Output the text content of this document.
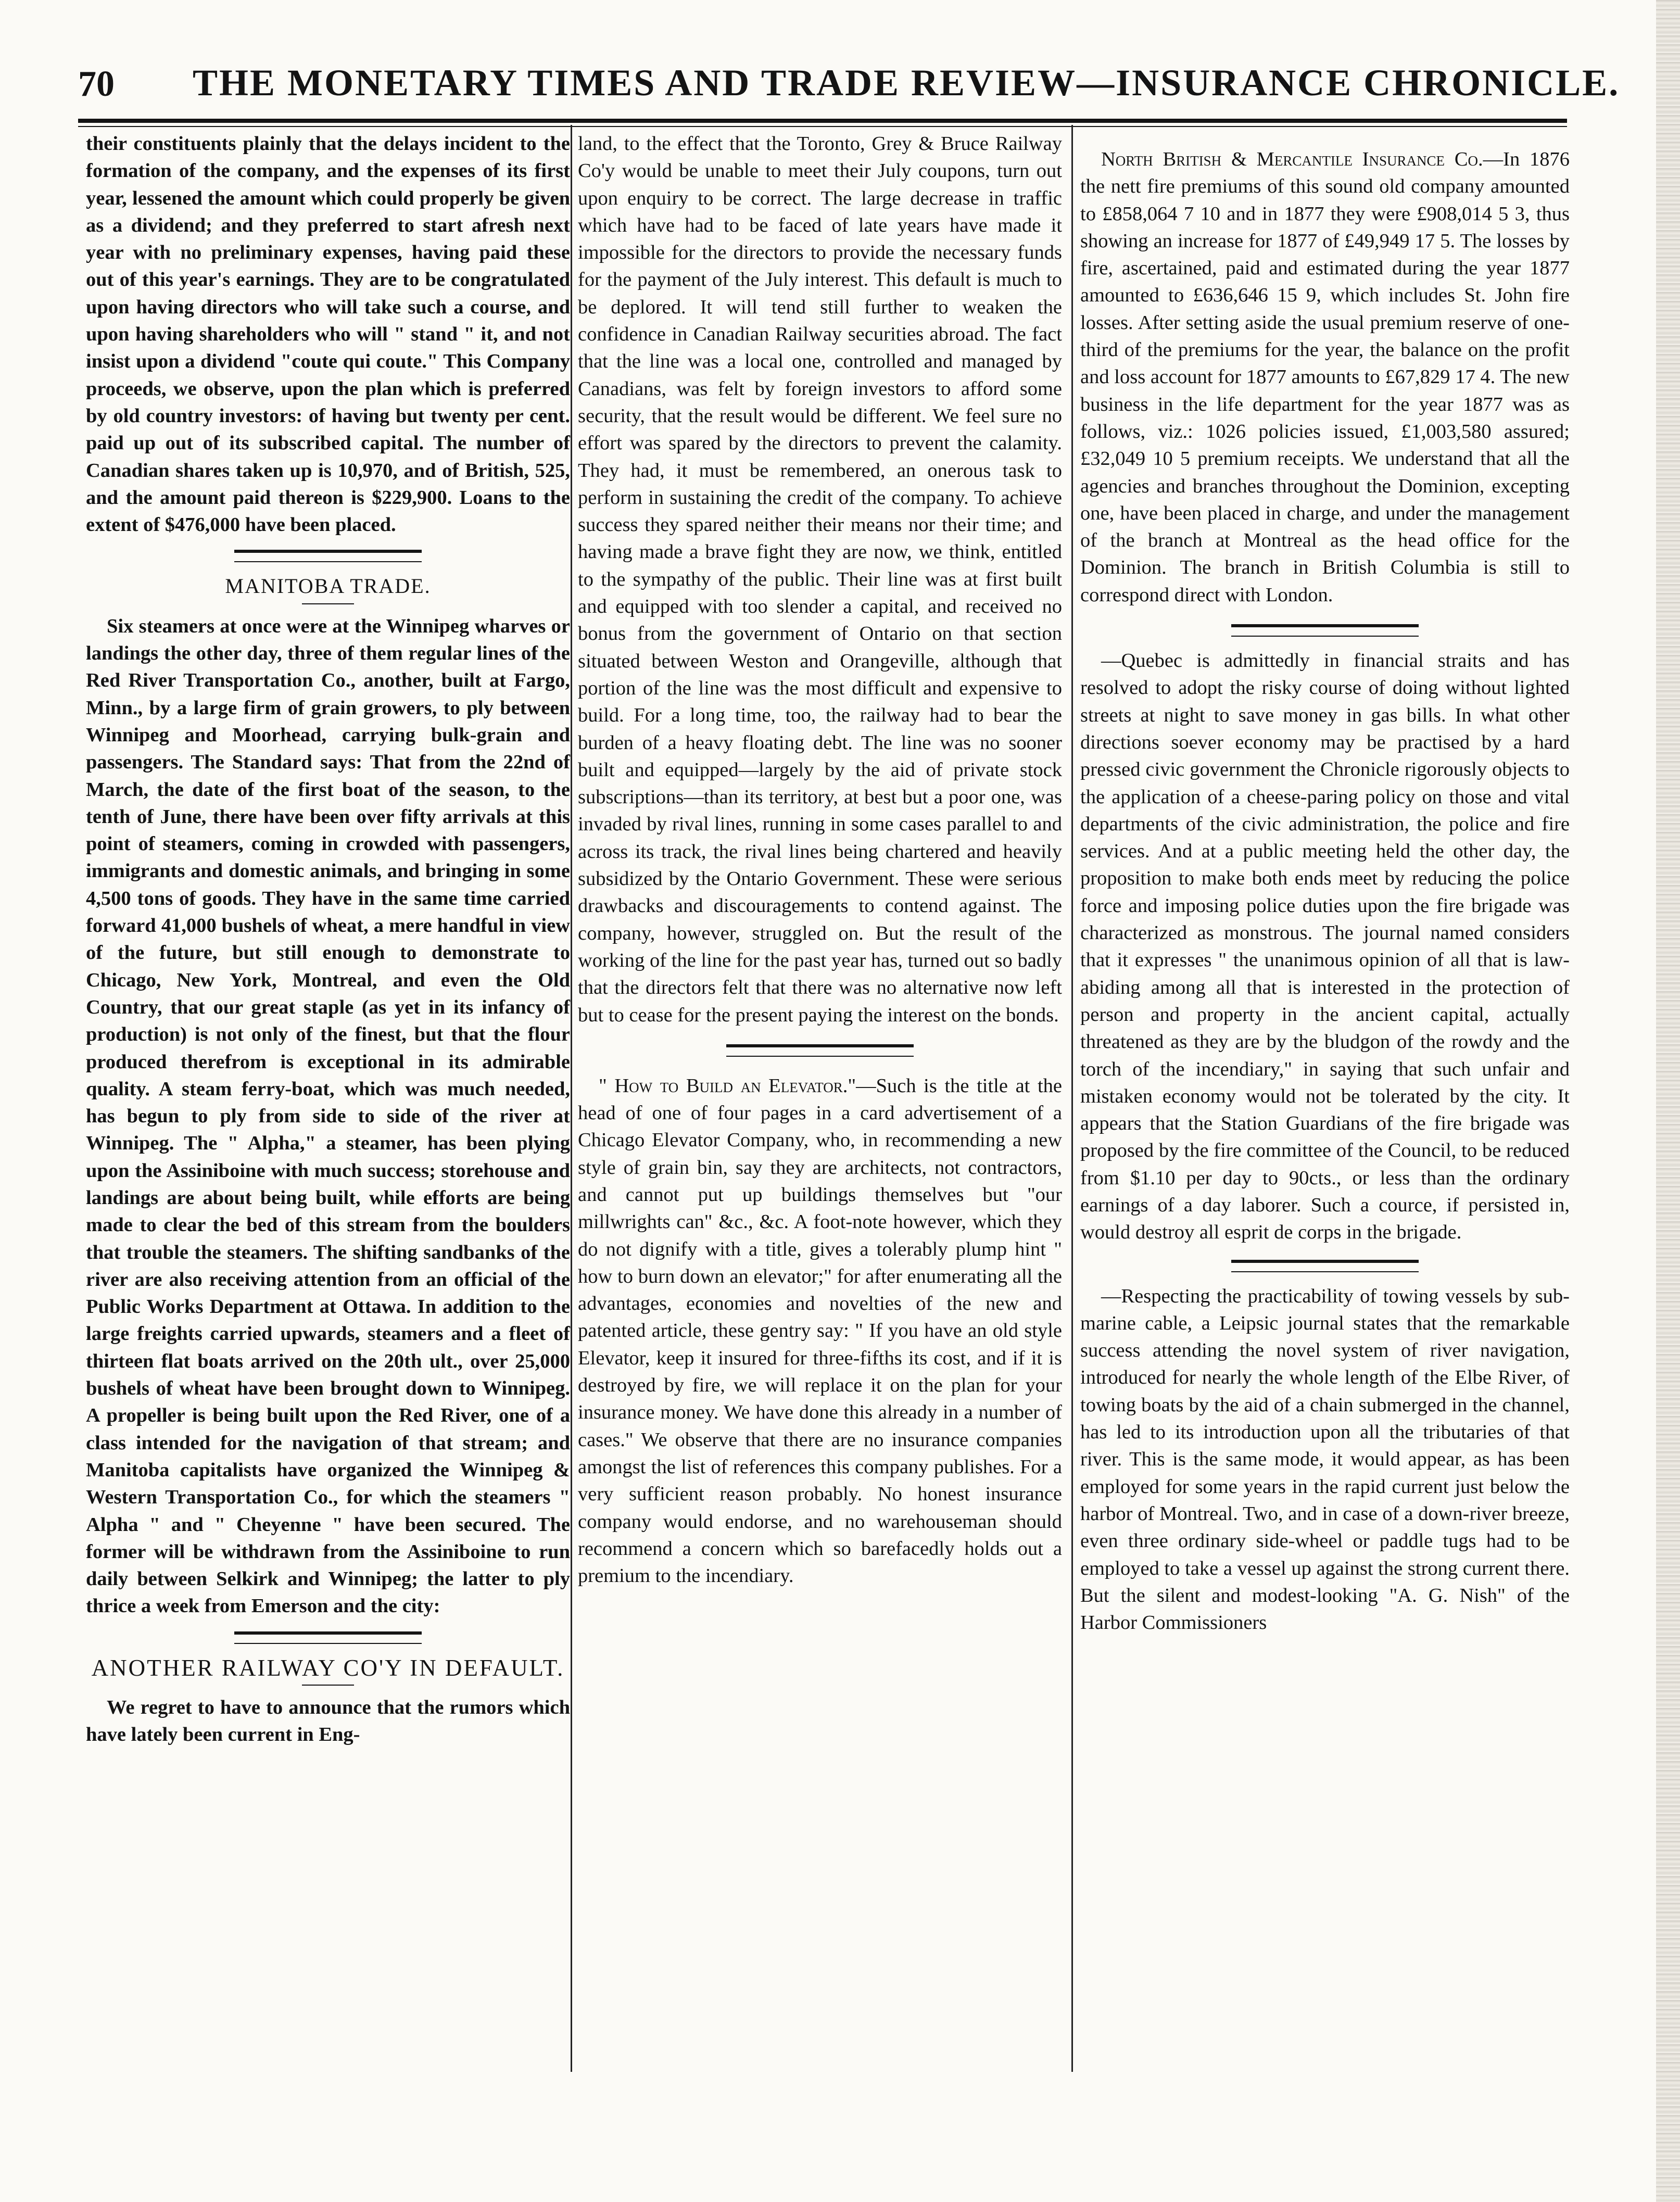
70 THE MONETARY TIMES AND TRADE REVIEW—INSURANCE CHRONICLE.

their constituents plainly that the delays incident to the formation of the company, and the expenses of its first year, lessened the amount which could properly be given as a dividend; and they preferred to start afresh next year with no preliminary expenses, having paid these out of this year's earnings. They are to be congratulated upon having directors who will take such a course, and upon having shareholders who will " stand " it, and not insist upon a dividend "coute qui coute." This Company proceeds, we observe, upon the plan which is preferred by old country investors: of having but twenty per cent. paid up out of its subscribed capital. The number of Canadian shares taken up is 10,970, and of British, 525, and the amount paid thereon is $229,900. Loans to the extent of $476,000 have been placed.

MANITOBA TRADE.

Six steamers at once were at the Winnipeg wharves or landings the other day, three of them regular lines of the Red River Transportation Co., another, built at Fargo, Minn., by a large firm of grain growers, to ply between Winnipeg and Moorhead, carrying bulk-grain and passengers. The Standard says: That from the 22nd of March, the date of the first boat of the season, to the tenth of June, there have been over fifty arrivals at this point of steamers, coming in crowded with passengers, immigrants and domestic animals, and bringing in some 4,500 tons of goods. They have in the same time carried forward 41,000 bushels of wheat, a mere handful in view of the future, but still enough to demonstrate to Chicago, New York, Montreal, and even the Old Country, that our great staple (as yet in its infancy of production) is not only of the finest, but that the flour produced therefrom is exceptional in its admirable quality. A steam ferry-boat, which was much needed, has begun to ply from side to side of the river at Winnipeg. The " Alpha," a steamer, has been plying upon the Assiniboine with much success; storehouse and landings are about being built, while efforts are being made to clear the bed of this stream from the boulders that trouble the steamers. The shifting sandbanks of the river are also receiving attention from an official of the Public Works Department at Ottawa. In addition to the large freights carried upwards, steamers and a fleet of thirteen flat boats arrived on the 20th ult., over 25,000 bushels of wheat have been brought down to Winnipeg. A propeller is being built upon the Red River, one of a class intended for the navigation of that stream; and Manitoba capitalists have organized the Winnipeg & Western Transportation Co., for which the steamers " Alpha " and " Cheyenne " have been secured. The former will be withdrawn from the Assiniboine to run daily between Selkirk and Winnipeg; the latter to ply thrice a week from Emerson and the city:

ANOTHER RAILWAY CO'Y IN DEFAULT.

We regret to have to announce that the rumors which have lately been current in Eng-

land, to the effect that the Toronto, Grey & Bruce Railway Co'y would be unable to meet their July coupons, turn out upon enquiry to be correct. The large decrease in traffic which have had to be faced of late years have made it impossible for the directors to provide the necessary funds for the payment of the July interest. This default is much to be deplored. It will tend still further to weaken the confidence in Canadian Railway securities abroad. The fact that the line was a local one, controlled and managed by Canadians, was felt by foreign investors to afford some security, that the result would be different. We feel sure no effort was spared by the directors to prevent the calamity. They had, it must be remembered, an onerous task to perform in sustaining the credit of the company. To achieve success they spared neither their means nor their time; and having made a brave fight they are now, we think, entitled to the sympathy of the public. Their line was at first built and equipped with too slender a capital, and received no bonus from the government of Ontario on that section situated between Weston and Orangeville, although that portion of the line was the most difficult and expensive to build. For a long time, too, the railway had to bear the burden of a heavy floating debt. The line was no sooner built and equipped—largely by the aid of private stock subscriptions—than its territory, at best but a poor one, was invaded by rival lines, running in some cases parallel to and across its track, the rival lines being chartered and heavily subsidized by the Ontario Government. These were serious drawbacks and discouragements to contend against. The company, however, struggled on. But the result of the working of the line for the past year has, turned out so badly that the directors felt that there was no alternative now left but to cease for the present paying the interest on the bonds.

" How to Build an Elevator."—Such is the title at the head of one of four pages in a card advertisement of a Chicago Elevator Company, who, in recommending a new style of grain bin, say they are architects, not contractors, and cannot put up buildings themselves but "our millwrights can" &c., &c. A foot-note however, which they do not dignify with a title, gives a tolerably plump hint " how to burn down an elevator;" for after enumerating all the advantages, economies and novelties of the new and patented article, these gentry say: " If you have an old style Elevator, keep it insured for three-fifths its cost, and if it is destroyed by fire, we will replace it on the plan for your insurance money. We have done this already in a number of cases." We observe that there are no insurance companies amongst the list of references this company publishes. For a very sufficient reason probably. No honest insurance company would endorse, and no warehouseman should recommend a concern which so barefacedly holds out a premium to the incendiary.

North British & Mercantile Insurance Co.—In 1876 the nett fire premiums of this sound old company amounted to £858,064 7 10 and in 1877 they were £908,014 5 3, thus showing an increase for 1877 of £49,949 17 5. The losses by fire, ascertained, paid and estimated during the year 1877 amounted to £636,646 15 9, which includes St. John fire losses. After setting aside the usual premium reserve of one-third of the premiums for the year, the balance on the profit and loss account for 1877 amounts to £67,829 17 4. The new business in the life department for the year 1877 was as follows, viz.: 1026 policies issued, £1,003,580 assured; £32,049 10 5 premium receipts. We understand that all the agencies and branches throughout the Dominion, excepting one, have been placed in charge, and under the management of the branch at Montreal as the head office for the Dominion. The branch in British Columbia is still to correspond direct with London.

—Quebec is admittedly in financial straits and has resolved to adopt the risky course of doing without lighted streets at night to save money in gas bills. In what other directions soever economy may be practised by a hard pressed civic government the Chronicle rigorously objects to the application of a cheese-paring policy on those and vital departments of the civic administration, the police and fire services. And at a public meeting held the other day, the proposition to make both ends meet by reducing the police force and imposing police duties upon the fire brigade was characterized as monstrous. The journal named considers that it expresses " the unanimous opinion of all that is law-abiding among all that is interested in the protection of person and property in the ancient capital, actually threatened as they are by the bludgon of the rowdy and the torch of the incendiary," in saying that such unfair and mistaken economy would not be tolerated by the city. It appears that the Station Guardians of the fire brigade was proposed by the fire committee of the Council, to be reduced from $1.10 per day to 90cts., or less than the ordinary earnings of a day laborer. Such a cource, if persisted in, would destroy all esprit de corps in the brigade.

—Respecting the practicability of towing vessels by sub-marine cable, a Leipsic journal states that the remarkable success attending the novel system of river navigation, introduced for nearly the whole length of the Elbe River, of towing boats by the aid of a chain submerged in the channel, has led to its introduction upon all the tributaries of that river. This is the same mode, it would appear, as has been employed for some years in the rapid current just below the harbor of Montreal. Two, and in case of a down-river breeze, even three ordinary side-wheel or paddle tugs had to be employed to take a vessel up against the strong current there. But the silent and modest-looking "A. G. Nish" of the Harbor Commissioners
